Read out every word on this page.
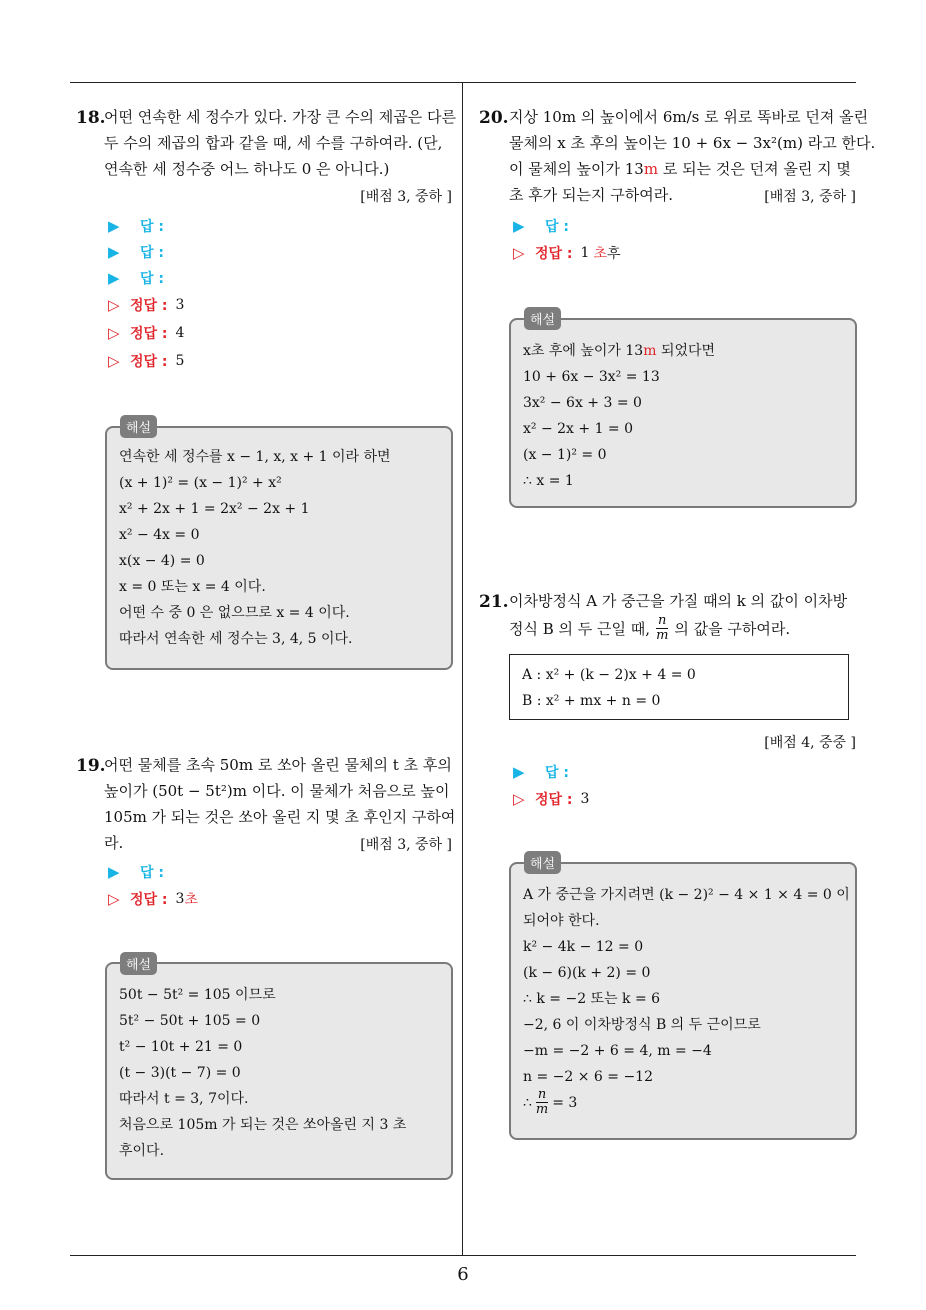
6
18.
어떤 연속한 세 정수가 있다. 가장 큰 수의 제곱은 다른
두 수의 제곱의 합과 같을 때, 세 수를 구하여라. (단,
연속한 세 정수중 어느 하나도 0 은 아니다.)
[배점 3, 중하 ]
▶	답 :
▶	답 :
▶	답 :
▷ 정답 : 3
▷ 정답 : 4
▷ 정답 : 5
연속한 세 정수를 x − 1, x, x + 1 이라 하면
(x + 1)² = (x − 1)² + x²
x² + 2x + 1 = 2x² − 2x + 1
x² − 4x = 0
x(x − 4) = 0
x = 0 또는 x = 4 이다.
어떤 수 중 0 은 없으므로 x = 4 이다.
따라서 연속한 세 정수는 3, 4, 5 이다.
해설
19.
어떤 물체를 초속 50m 로 쏘아 올린 물체의 t 초 후의
높이가 (50t − 5t²)m 이다. 이 물체가 처음으로 높이
105m 가 되는 것은 쏘아 올린 지 몇 초 후인지 구하여
라.	[배점 3, 중하 ]
▶	답 :
▷ 정답 : 3 초
50t − 5t² = 105 이므로
5t² − 50t + 105 = 0
t² − 10t + 21 = 0
(t − 3)(t − 7) = 0
따라서 t = 3, 7이다.
처음으로 105m 가 되는 것은 쏘아올린 지 3 초
후이다.
해설
20. 지상 10m 의 높이에서 6m/s 로 위로 똑바로 던져 올린
물체의 x 초 후의 높이는 10 + 6x − 3x²(m) 라고 한다.
이 물체의 높이가 13m 로 되는 것은 던져 올린 지 몇
초 후가 되는지 구하여라.	[배점 3, 중하 ]
▶	답 :
▷ 정답 : 1 초 후
x초 후에 높이가 13m 되었다면
10 + 6x − 3x² = 13
3x² − 6x + 3 = 0
x² − 2x + 1 = 0
(x − 1)² = 0
∴ x = 1
해설
21. 이차방정식 A 가 중근을 가질 때의 k 의 값이 이차방
정식 B 의 두 근일 때, $\frac{n}{m}$ 의 값을 구하여라.
A : x² + (k − 2)x + 4 = 0
B : x² + mx + n = 0
[배점 4, 중중 ]
▶	답 :
▷ 정답 : 3
A 가 중근을 가지려면 (k − 2)² − 4 × 1 × 4 = 0 이
되어야 한다.
k² − 4k − 12 = 0
(k − 6)(k + 2) = 0
∴ k = −2 또는 k = 6
−2, 6 이 이차방정식 B 의 두 근이므로
−m = −2 + 6 = 4, m = −4
n = −2 × 6 = −12
∴ $\frac{n}{m} = 3$
해설
